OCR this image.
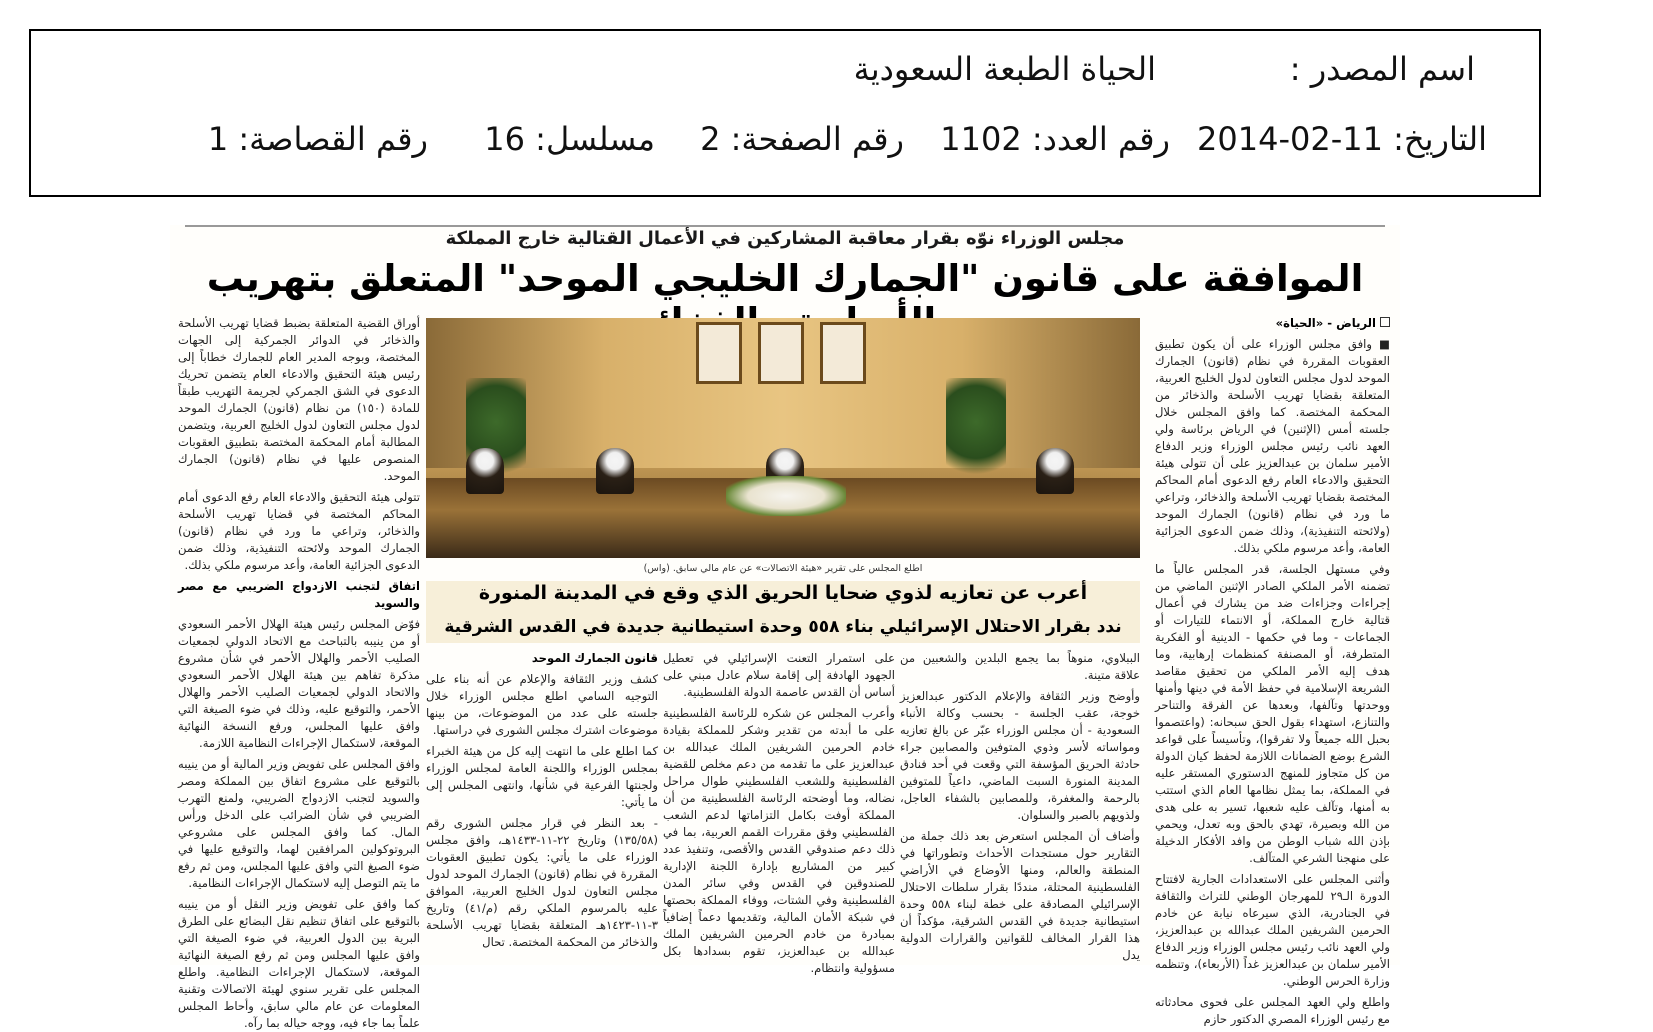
اسم المصدر :
الحياة الطبعة السعودية
التاريخ: 11-02-2014
رقم العدد: 1102
رقم الصفحة: 2
مسلسل: 16
رقم القصاصة: 1
مجلس الوزراء نوّه بقرار معاقبة المشاركين في الأعمال القتالية خارج المملكة
الموافقة على قانون "الجمارك الخليجي الموحد" المتعلق بتهريب

الرياض - «الحياة»

■ وافق مجلس الوزراء على أن يكون تطبيق العقوبات المقررة في نظام (قانون) الجمارك الموحد لدول مجلس التعاون لدول الخليج العربية، المتعلقة بقضايا تهريب الأسلحة والذخائر من المحكمة المختصة. كما وافق المجلس خلال جلسته أمس (الإثنين) في الرياض برئاسة ولي العهد نائب رئيس مجلس الوزراء وزير الدفاع الأمير سلمان بن عبدالعزيز على أن تتولى هيئة التحقيق والادعاء العام رفع الدعوى أمام المحاكم المختصة بقضايا تهريب الأسلحة والذخائر، وتراعي ما ورد في نظام (قانون) الجمارك الموحد (ولائحته التنفيذية)، وذلك ضمن الدعوى الجزائية العامة، وأعد مرسوم ملكي بذلك.

وفي مستهل الجلسة، قدر المجلس عالياً ما تضمنه الأمر الملكي الصادر الإثنين الماضي من إجراءات وجزاءات ضد من يشارك في أعمال قتالية خارج المملكة، أو الانتماء للتيارات أو الجماعات - وما في حكمها - الدينية أو الفكرية المتطرفة، أو المصنفة كمنظمات إرهابية، وما هدف إليه الأمر الملكي من تحقيق مقاصد الشريعة الإسلامية في حفظ الأمة في دينها وأمنها ووحدتها وتآلفها، وبعدها عن الفرقة والتناحر والتنازع، استهداء بقول الحق سبحانه: (واعتصموا بحبل الله جميعاً ولا تفرقوا)، وتأسيساً على قواعد الشرع بوضع الضمانات اللازمة لحفظ كيان الدولة من كل متجاوز للمنهج الدستوري المستقر عليه في المملكة، بما يمثل نظامها العام الذي استتب به أمنها، وتآلف عليه شعبها، تسير به على هدى من الله وبصيرة، تهدي بالحق وبه تعدل، ويحمي بإذن الله شباب الوطن من وافد الأفكار الدخيلة على منهجنا الشرعي المتآلف.

وأثنى المجلس على الاستعدادات الجارية لافتتاح الدورة الـ٢٩ للمهرجان الوطني للتراث والثقافة في الجنادرية، الذي سيرعاه نيابة عن خادم الحرمين الشريفين الملك عبدالله بن عبدالعزيز، ولي العهد نائب رئيس مجلس الوزراء وزير الدفاع الأمير سلمان بن عبدالعزيز غداً (الأربعاء)، وتنظمه وزارة الحرس الوطني.

واطلع ولي العهد المجلس على فحوى محادثاته مع رئيس الوزراء المصري الدكتور حازم

اطلع المجلس على تقرير «هيئة الاتصالات» عن عام مالي سابق. (واس)
أعرب عن تعازيه لذوي ضحايا الحريق الذي وقع في المدينة المنورة
ندد بقرار الاحتلال الإسرائيلي بناء ٥٥٨ وحدة استيطانية جديدة في القدس الشرقية

الببلاوي، منوهاً بما يجمع البلدين والشعبين من علاقة متينة.

وأوضح وزير الثقافة والإعلام الدكتور عبدالعزيز خوجة، عقب الجلسة - بحسب وكالة الأنباء السعودية - أن مجلس الوزراء عبّر عن بالغ تعازيه ومواساته لأسر وذوي المتوفين والمصابين جراء حادثة الحريق المؤسفة التي وقعت في أحد فنادق المدينة المنورة السبت الماضي، داعياً للمتوفين بالرحمة والمغفرة، وللمصابين بالشفاء العاجل، ولذويهم بالصبر والسلوان.

وأضاف أن المجلس استعرض بعد ذلك جملة من التقارير حول مستجدات الأحداث وتطوراتها في المنطقة والعالم، ومنها الأوضاع في الأراضي الفلسطينية المحتلة، منددًا بقرار سلطات الاحتلال الإسرائيلي المصادقة على خطة لبناء ٥٥٨ وحدة استيطانية جديدة في القدس الشرقية، مؤكداً أن هذا القرار المخالف للقوانين والقرارات الدولية يدل

على استمرار التعنت الإسرائيلي في تعطيل الجهود الهادفة إلى إقامة سلام عادل مبني على أساس أن القدس عاصمة الدولة الفلسطينية.

وأعرب المجلس عن شكره للرئاسة الفلسطينية على ما أبدته من تقدير وشكر للمملكة بقيادة خادم الحرمين الشريفين الملك عبدالله بن عبدالعزيز على ما تقدمه من دعم مخلص للقضية الفلسطينية وللشعب الفلسطيني طوال مراحل نضاله، وما أوضحته الرئاسة الفلسطينية من أن المملكة أوفت بكامل التزاماتها لدعم الشعب الفلسطيني وفق مقررات القمم العربية، بما في ذلك دعم صندوقي القدس والأقصى، وتنفيذ عدد كبير من المشاريع بإدارة اللجنة الإدارية للصندوقين في القدس وفي سائر المدن الفلسطينية وفي الشتات، ووفاء المملكة بحصتها في شبكة الأمان المالية، وتقديمها دعماً إضافياً بمبادرة من خادم الحرمين الشريفين الملك عبدالله بن عبدالعزيز، تقوم بسدادها بكل مسؤولية وانتظام.

قانون الجمارك الموحد

كشف وزير الثقافة والإعلام عن أنه بناء على التوجيه السامي اطلع مجلس الوزراء خلال جلسته على عدد من الموضوعات، من بينها موضوعات اشترك مجلس الشورى في دراستها.

كما اطلع على ما انتهت إليه كل من هيئة الخبراء بمجلس الوزراء واللجنة العامة لمجلس الوزراء ولجنتها الفرعية في شأنها، وانتهى المجلس إلى ما يأتي:

- بعد النظر في قرار مجلس الشورى رقم (١٣٥/٥٨) وتاريخ ٢٢-١١-١٤٣٣هـ، وافق مجلس الوزراء على ما يأتي: يكون تطبيق العقوبات المقررة في نظام (قانون) الجمارك الموحد لدول مجلس التعاون لدول الخليج العربية، الموافق عليه بالمرسوم الملكي رقم (م/٤١) وتاريخ ٣-١١-١٤٢٣هـ المتعلقة بقضايا تهريب الأسلحة والذخائر من المحكمة المختصة. تحال

أوراق القضية المتعلقة بضبط قضايا تهريب الأسلحة والذخائر في الدوائر الجمركية إلى الجهات المختصة، وبوجه المدير العام للجمارك خطاباً إلى رئيس هيئة التحقيق والادعاء العام يتضمن تحريك الدعوى في الشق الجمركي لجريمة التهريب طبقاً للمادة (١٥٠) من نظام (قانون) الجمارك الموحد لدول مجلس التعاون لدول الخليج العربية، ويتضمن المطالبة أمام المحكمة المختصة بتطبيق العقوبات المنصوص عليها في نظام (قانون) الجمارك الموحد.

تتولى هيئة التحقيق والادعاء العام رفع الدعوى أمام المحاكم المختصة في قضايا تهريب الأسلحة والذخائر، وتراعي ما ورد في نظام (قانون) الجمارك الموحد ولائحته التنفيذية، وذلك ضمن الدعوى الجزائية العامة، وأعد مرسوم ملكي بذلك.

اتفاق لتجنب الازدواج الضريبي مع مصر والسويد

فوّض المجلس رئيس هيئة الهلال الأحمر السعودي أو من ينيبه بالتباحث مع الاتحاد الدولي لجمعيات الصليب الأحمر والهلال الأحمر في شأن مشروع مذكرة تفاهم بين هيئة الهلال الأحمر السعودي والاتحاد الدولي لجمعيات الصليب الأحمر والهلال الأحمر، والتوقيع عليه، وذلك في ضوء الصيغة التي وافق عليها المجلس، ورفع النسخة النهائية الموقعة، لاستكمال الإجراءات النظامية اللازمة.

وافق المجلس على تفويض وزير المالية أو من ينيبه بالتوقيع على مشروع اتفاق بين المملكة ومصر والسويد لتجنب الازدواج الضريبي، ولمنع التهرب الضريبي في شأن الضرائب على الدخل ورأس المال. كما وافق المجلس على مشروعي البروتوكولين المرافقين لهما، والتوقيع عليها في ضوء الصيغ التي وافق عليها المجلس، ومن ثم رفع ما يتم التوصل إليه لاستكمال الإجراءات النظامية.

كما وافق على تفويض وزير النقل أو من ينيبه بالتوقيع على اتفاق تنظيم نقل البضائع على الطرق البرية بين الدول العربية، في ضوء الصيغة التي وافق عليها المجلس ومن ثم رفع الصيغة النهائية الموقعة، لاستكمال الإجراءات النظامية. واطلع المجلس على تقرير سنوي لهيئة الاتصالات وتقنية المعلومات عن عام مالي سابق، وأحاط المجلس علماً بما جاء فيه، ووجه حياله بما رآه.
